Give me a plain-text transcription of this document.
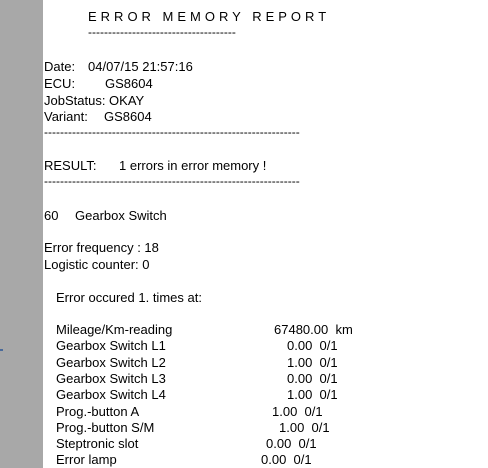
ERROR MEMORY REPORT
-------------------------------------
Date: 04/07/15 21:57:16
ECU: GS8604
JobStatus: OKAY
Variant: GS8604
----------------------------------------------------------------
RESULT: 1 errors in error memory !
----------------------------------------------------------------
60 Gearbox Switch
Error frequency : 18
Logistic counter: 0
Error occured 1. times at:
Mileage/Km-reading	67480.00  km
Gearbox Switch L1	0.00  0/1
Gearbox Switch L2	1.00  0/1
Gearbox Switch L3	0.00  0/1
Gearbox Switch L4	1.00  0/1
Prog.-button A	1.00  0/1
Prog.-button S/M	1.00  0/1
Steptronic slot	0.00  0/1
Error lamp	0.00  0/1
